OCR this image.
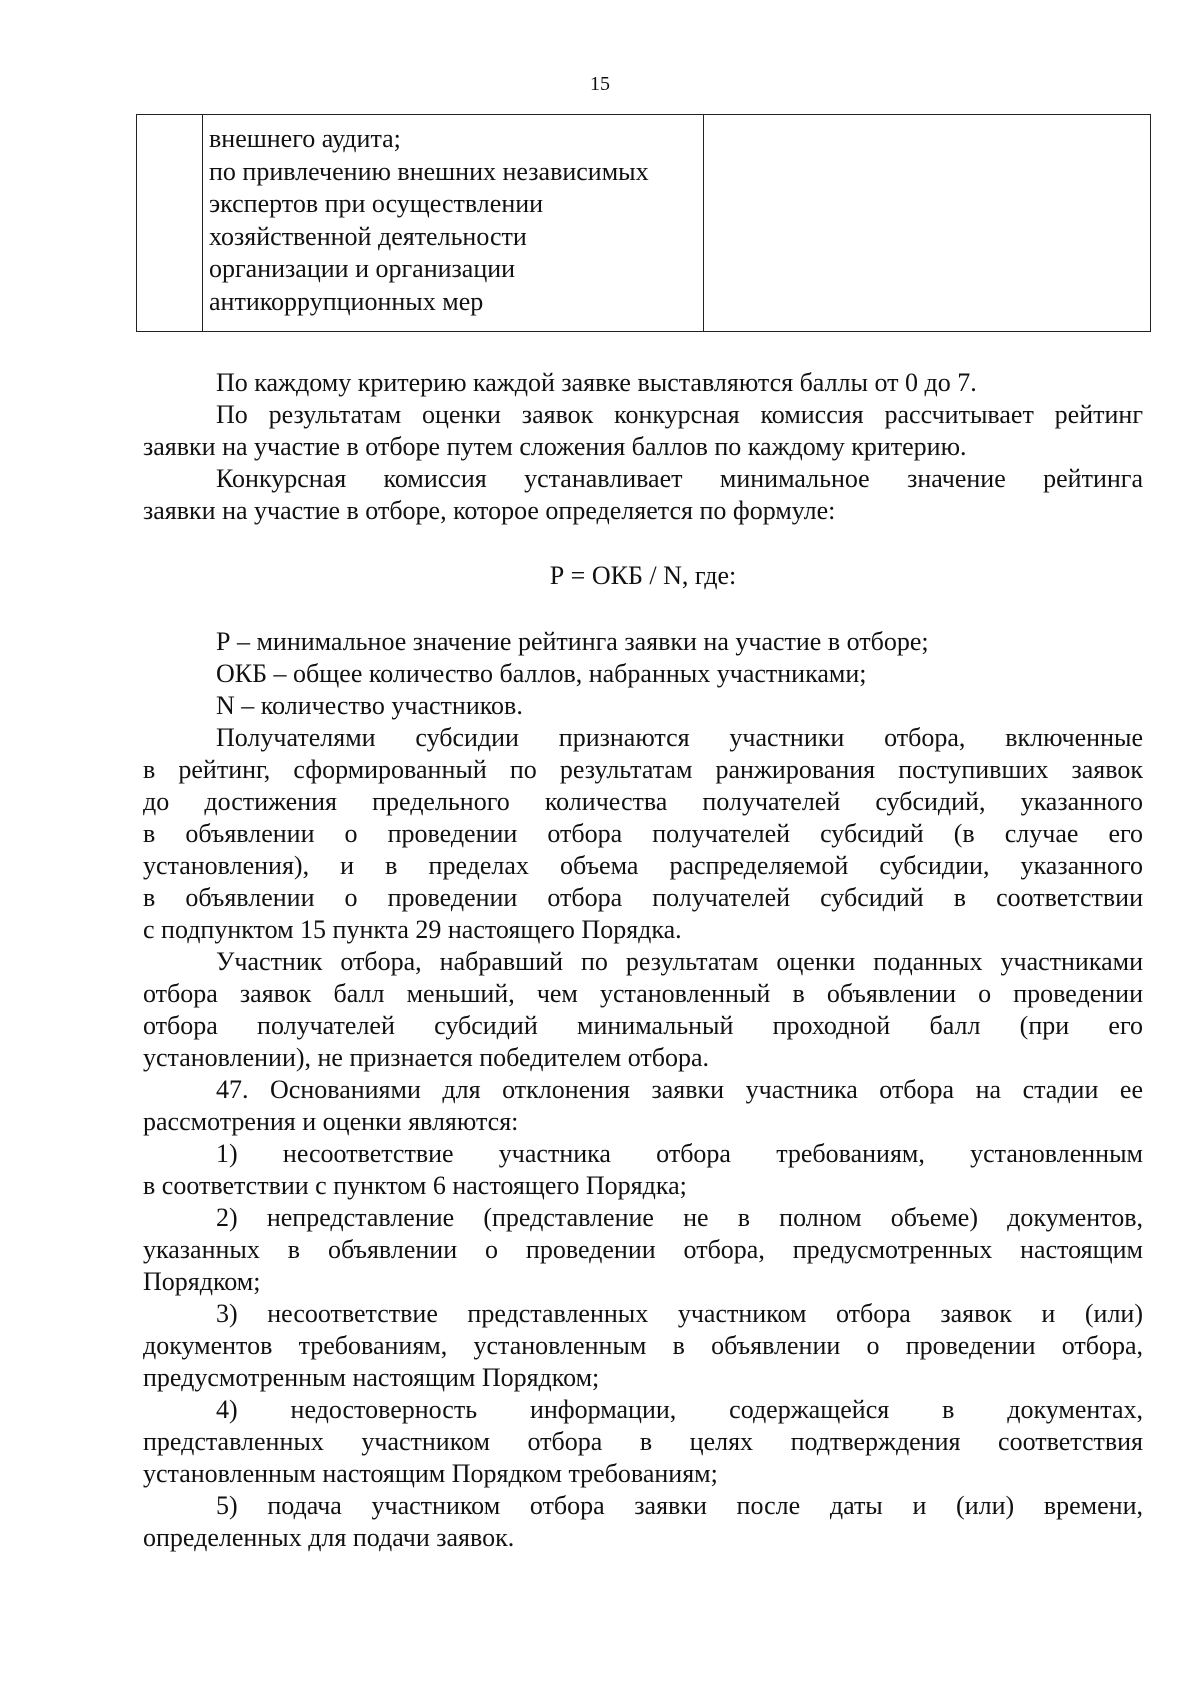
15

внешнего аудита;
по привлечению внешних независимых
экспертов при осуществлении
хозяйственной деятельности
организации и организации
антикоррупционных мер

По каждому критерию каждой заявке выставляются баллы от 0 до 7.
По результатам оценки заявок конкурсная комиссия рассчитывает рейтинг
заявки на участие в отборе путем сложения баллов по каждому критерию.
Конкурсная комиссия устанавливает минимальное значение рейтинга
заявки на участие в отборе, которое определяется по формуле:
Р = ОКБ / N, где:
Р – минимальное значение рейтинга заявки на участие в отборе;
ОКБ – общее количество баллов, набранных участниками;
N – количество участников.
Получателями субсидии признаются участники отбора, включенные
в рейтинг, сформированный по результатам ранжирования поступивших заявок
до достижения предельного количества получателей субсидий, указанного
в объявлении о проведении отбора получателей субсидий (в случае его
установления), и в пределах объема распределяемой субсидии, указанного
в объявлении о проведении отбора получателей субсидий в соответствии
с подпунктом 15 пункта 29 настоящего Порядка.
Участник отбора, набравший по результатам оценки поданных участниками
отбора заявок балл меньший, чем установленный в объявлении о проведении
отбора получателей субсидий минимальный проходной балл (при его
установлении), не признается победителем отбора.
47. Основаниями для отклонения заявки участника отбора на стадии ее
рассмотрения и оценки являются:
1) несоответствие участника отбора требованиям, установленным
в соответствии с пунктом 6 настоящего Порядка;
2) непредставление (представление не в полном объеме) документов,
указанных в объявлении о проведении отбора, предусмотренных настоящим
Порядком;
3) несоответствие представленных участником отбора заявок и (или)
документов требованиям, установленным в объявлении о проведении отбора,
предусмотренным настоящим Порядком;
4) недостоверность информации, содержащейся в документах,
представленных участником отбора в целях подтверждения соответствия
установленным настоящим Порядком требованиям;
5) подача участником отбора заявки после даты и (или) времени,
определенных для подачи заявок.
